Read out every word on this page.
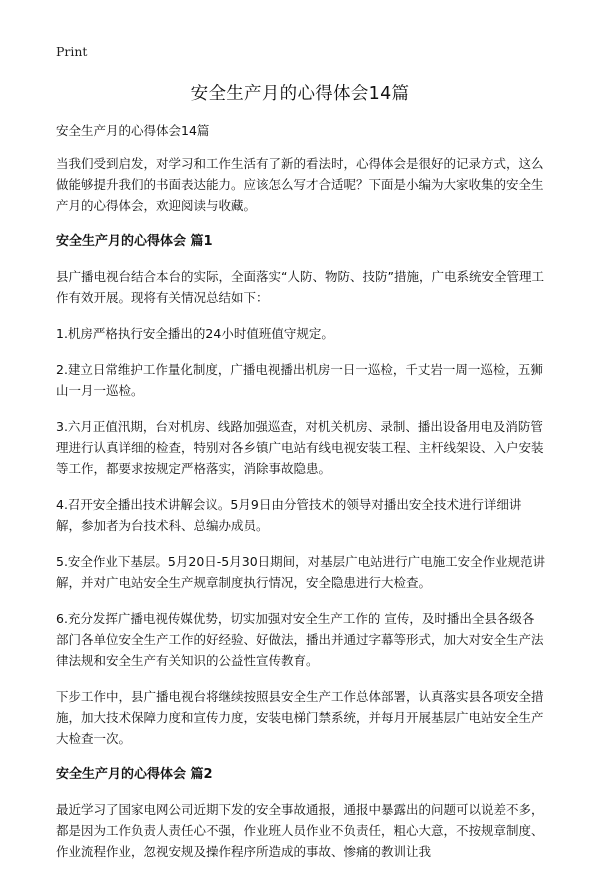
Print
安全生产月的心得体会14篇

安全生产月的心得体会14篇

当我们受到启发，对学习和工作生活有了新的看法时，心得体会是很好的记录方式，这么做能够提升我们的书面表达能力。应该怎么写才合适呢？下面是小编为大家收集的安全生产月的心得体会，欢迎阅读与收藏。

安全生产月的心得体会 篇1

县广播电视台结合本台的实际，全面落实“人防、物防、技防”措施，广电系统安全管理工作有效开展。现将有关情况总结如下：

1.机房严格执行安全播出的24小时值班值守规定。

2.建立日常维护工作量化制度，广播电视播出机房一日一巡检，千丈岩一周一巡检，五狮山一月一巡检。

3.六月正值汛期，台对机房、线路加强巡查，对机关机房、录制、播出设备用电及消防管理进行认真详细的检查，特别对各乡镇广电站有线电视安装工程、主杆线架设、入户安装等工作，都要求按规定严格落实，消除事故隐患。

4.召开安全播出技术讲解会议。5月9日由分管技术的领导对播出安全技术进行详细讲解，参加者为台技术科、总编办成员。

5.安全作业下基层。5月20日-5月30日期间，对基层广电站进行广电施工安全作业规范讲解，并对广电站安全生产规章制度执行情况，安全隐患进行大检查。

6.充分发挥广播电视传媒优势，切实加强对安全生产工作的 宣传，及时播出全县各级各部门各单位安全生产工作的好经验、好做法，播出并通过字幕等形式，加大对安全生产法律法规和安全生产有关知识的公益性宣传教育。

下步工作中，县广播电视台将继续按照县安全生产工作总体部署，认真落实县各项安全措施，加大技术保障力度和宣传力度，安装电梯门禁系统，并每月开展基层广电站安全生产大检查一次。

安全生产月的心得体会 篇2

最近学习了国家电网公司近期下发的安全事故通报，通报中暴露出的问题可以说差不多，都是因为工作负责人责任心不强，作业班人员作业不负责任，粗心大意，不按规章制度、作业流程作业，忽视安规及操作程序所造成的事故、惨痛的教训让我
